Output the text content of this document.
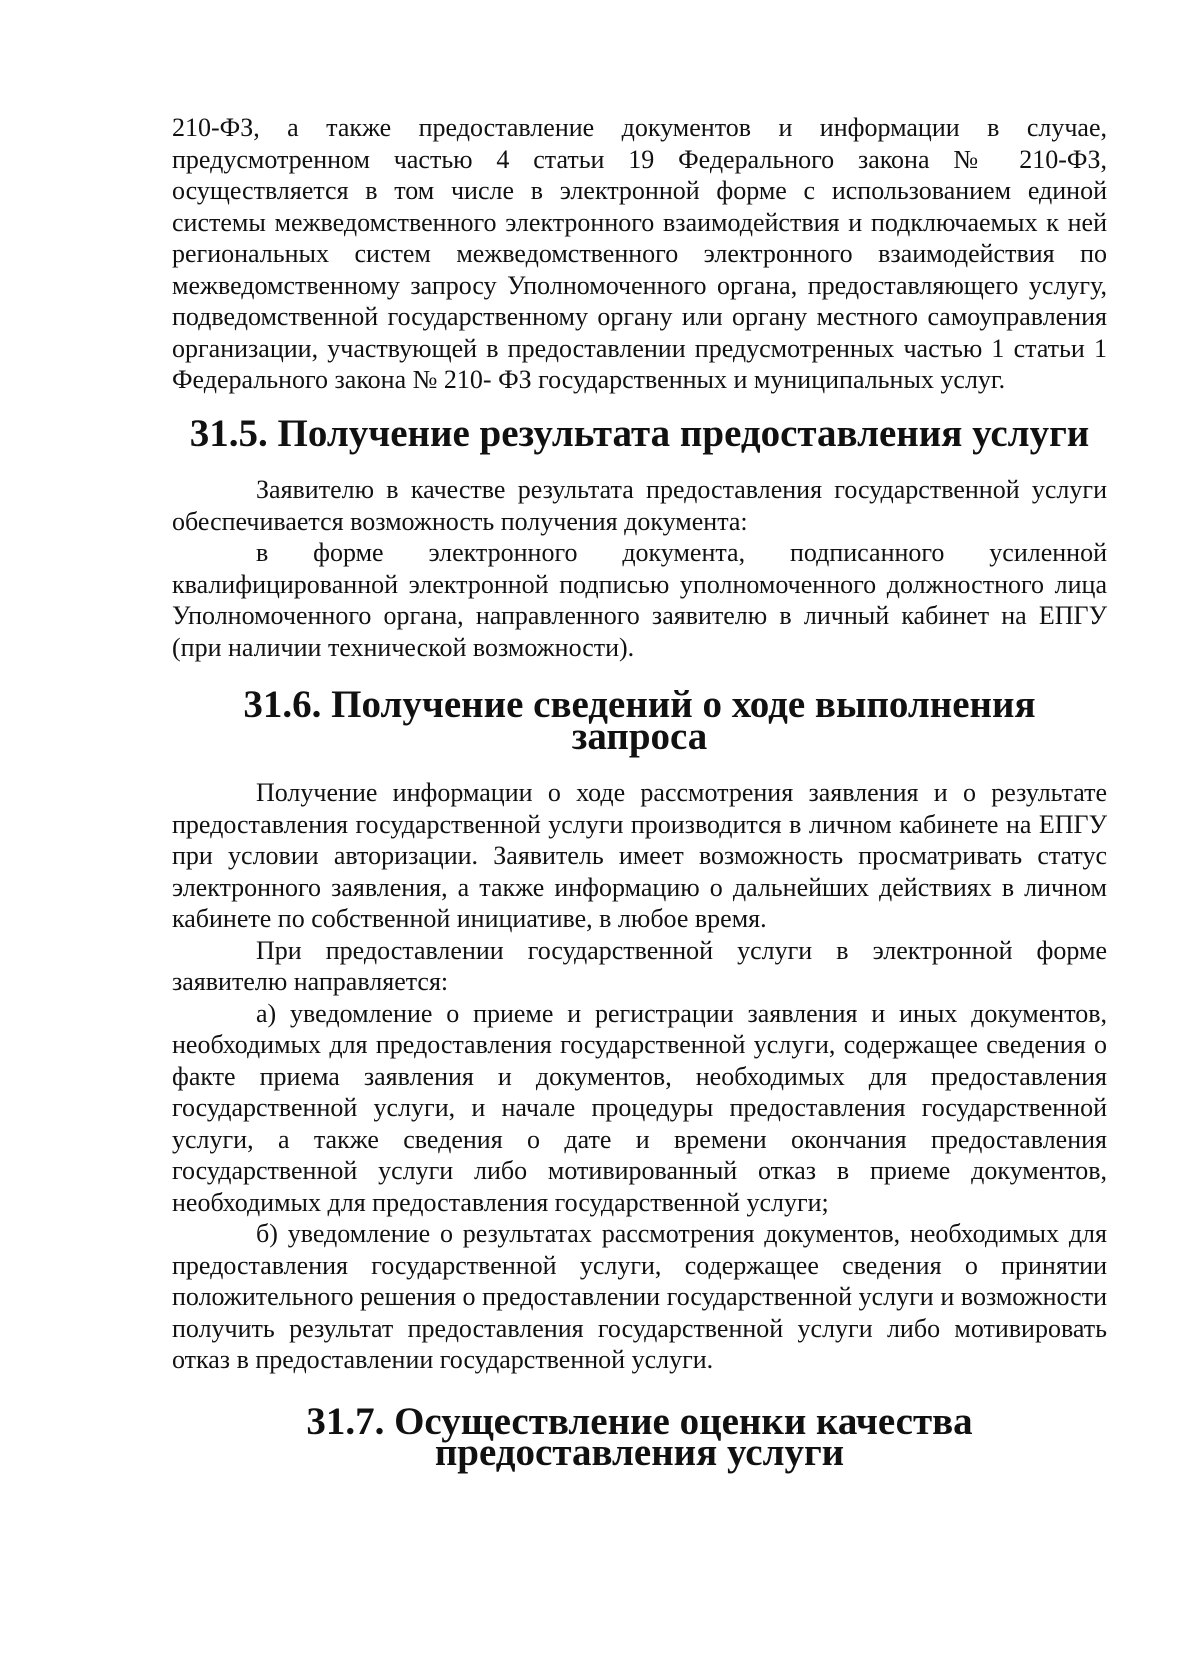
210-ФЗ, а также предоставление документов и информации в случае, предусмотренном частью 4 статьи 19 Федерального закона № 210-ФЗ, осуществляется в том числе в электронной форме с использованием единой системы межведомственного электронного взаимодействия и подключаемых к ней региональных систем межведомственного электронного взаимодействия по межведомственному запросу Уполномоченного органа, предоставляющего услугу, подведомственной государственному органу или органу местного самоуправления организации, участвующей в предоставлении предусмотренных частью 1 статьи 1 Федерального закона № 210- ФЗ государственных и муниципальных услуг.

31.5. Получение результата предоставления услуги

Заявителю в качестве результата предоставления государственной услуги обеспечивается возможность получения документа:

в форме электронного документа, подписанного усиленной квалифицированной электронной подписью уполномоченного должностного лица Уполномоченного органа, направленного заявителю в личный кабинет на ЕПГУ (при наличии технической возможности).

31.6. Получение сведений о ходе выполнения запроса

Получение информации о ходе рассмотрения заявления и о результате предоставления государственной услуги производится в личном кабинете на ЕПГУ при условии авторизации. Заявитель имеет возможность просматривать статус электронного заявления, а также информацию о дальнейших действиях в личном кабинете по собственной инициативе, в любое время.

При предоставлении государственной услуги в электронной форме заявителю направляется:

а) уведомление о приеме и регистрации заявления и иных документов, необходимых для предоставления государственной услуги, содержащее сведения о факте приема заявления и документов, необходимых для предоставления государственной услуги, и начале процедуры предоставления государственной услуги, а также сведения о дате и времени окончания предоставления государственной услуги либо мотивированный отказ в приеме документов, необходимых для предоставления государственной услуги;

б) уведомление о результатах рассмотрения документов, необходимых для предоставления государственной услуги, содержащее сведения о принятии положительного решения о предоставлении государственной услуги и возможности получить результат предоставления государственной услуги либо мотивировать отказ в предоставлении государственной услуги.

31.7. Осуществление оценки качества предоставления услуги
